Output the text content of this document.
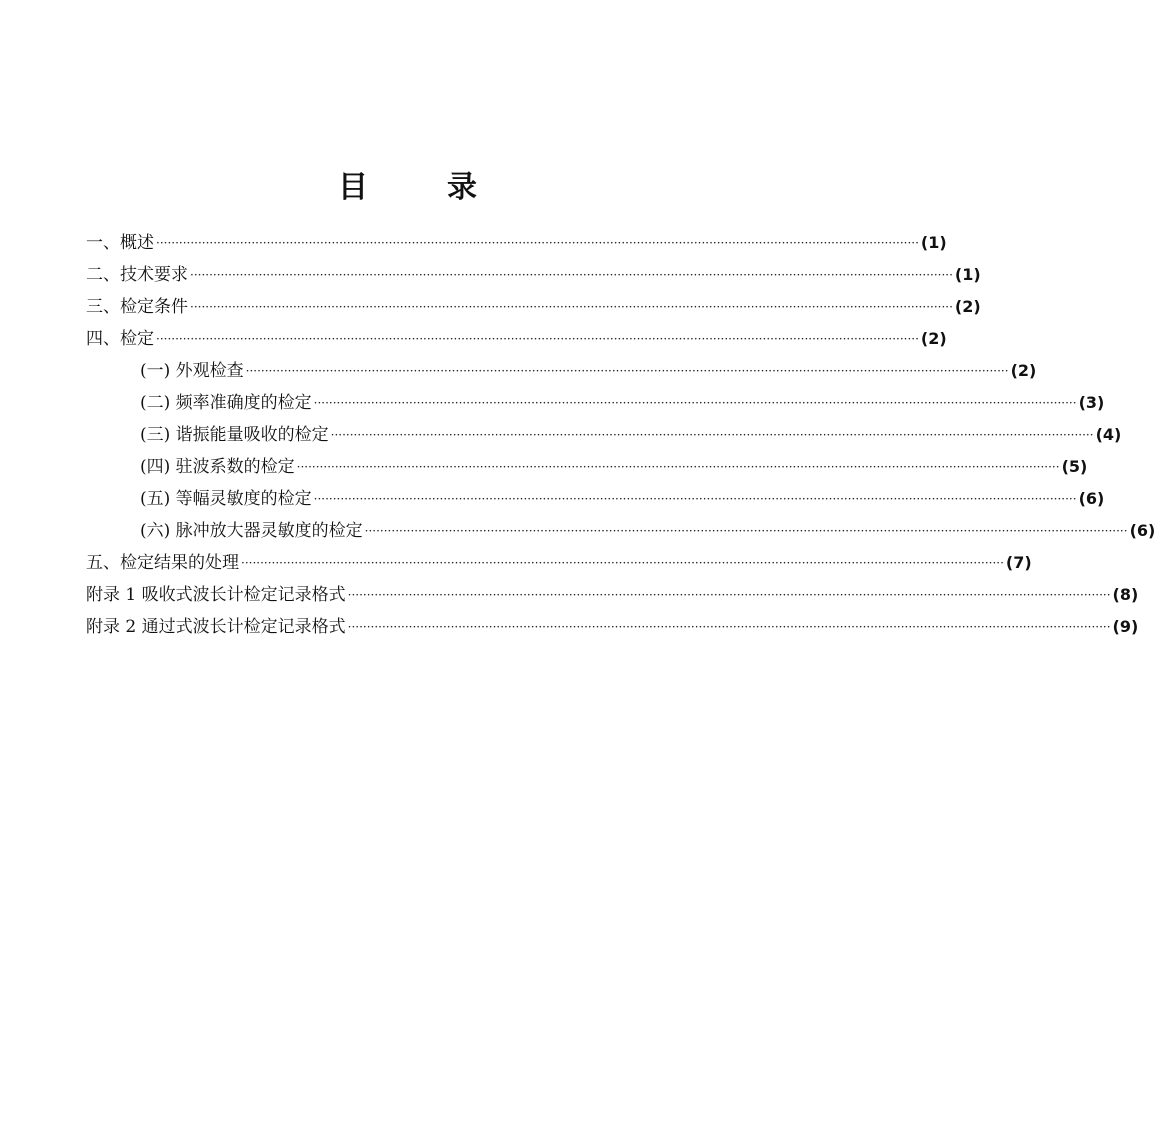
目	录
一、概述 ········································································································································································································ (1)
二、技术要求 ········································································································································································································ (1)
三、检定条件 ········································································································································································································ (2)
四、检定 ········································································································································································································ (2)
(一) 外观检查 ········································································································································································································ (2)
(二) 频率准确度的检定 ········································································································································································································ (3)
(三) 谐振能量吸收的检定 ········································································································································································································ (4)
(四) 驻波系数的检定 ········································································································································································································ (5)
(五) 等幅灵敏度的检定 ········································································································································································································ (6)
(六) 脉冲放大器灵敏度的检定 ········································································································································································································ (6)
五、检定结果的处理 ········································································································································································································ (7)
附录 1 吸收式波长计检定记录格式 ········································································································································································································ (8)
附录 2 通过式波长计检定记录格式 ········································································································································································································ (9)
